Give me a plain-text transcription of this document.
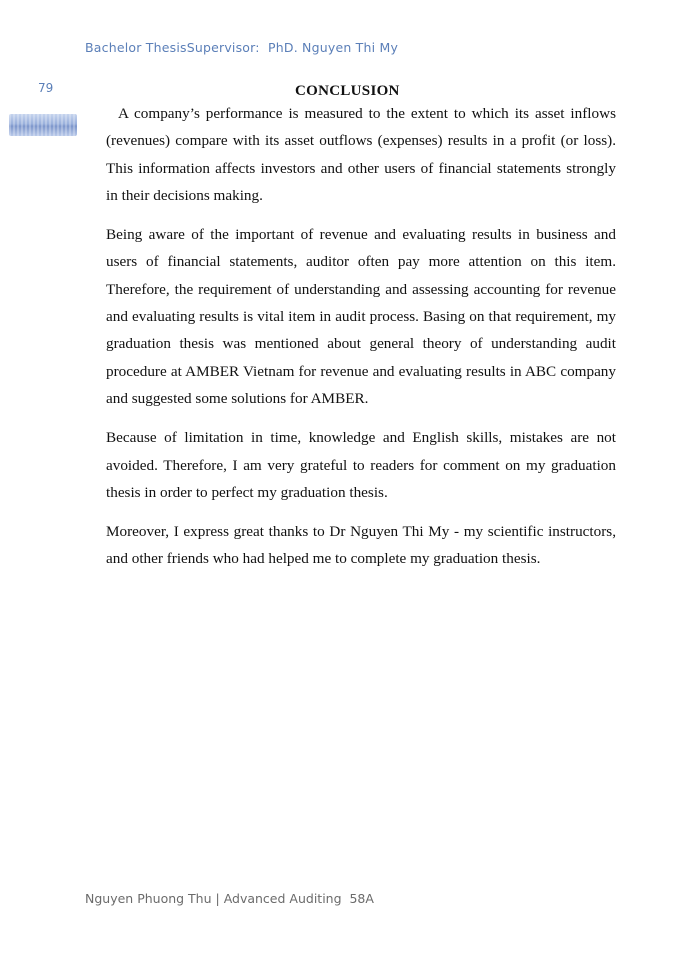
Bachelor ThesisSupervisor:  PhD. Nguyen Thi My
79	CONCLUSION

A company’s performance is measured to the extent to which its asset inflows (revenues) compare with its asset outflows (expenses) results in a profit (or loss). This information affects investors and other users of financial statements strongly in their decisions making.

Being aware of the important of revenue and evaluating results in business and users of financial statements, auditor often pay more attention on this item. Therefore, the requirement of understanding and assessing accounting for revenue and evaluating results is vital item in audit process. Basing on that requirement, my graduation thesis was mentioned about general theory of understanding audit procedure at AMBER Vietnam for revenue and evaluating results in ABC company and suggested some solutions for AMBER.

Because of limitation in time, knowledge and English skills, mistakes are not avoided. Therefore, I am very grateful to readers for comment on my graduation thesis in order to perfect my graduation thesis.

Moreover, I express great thanks to Dr Nguyen Thi My - my scientific instructors, and other friends who had helped me to complete my graduation thesis.

Nguyen Phuong Thu | Advanced Auditing  58A
